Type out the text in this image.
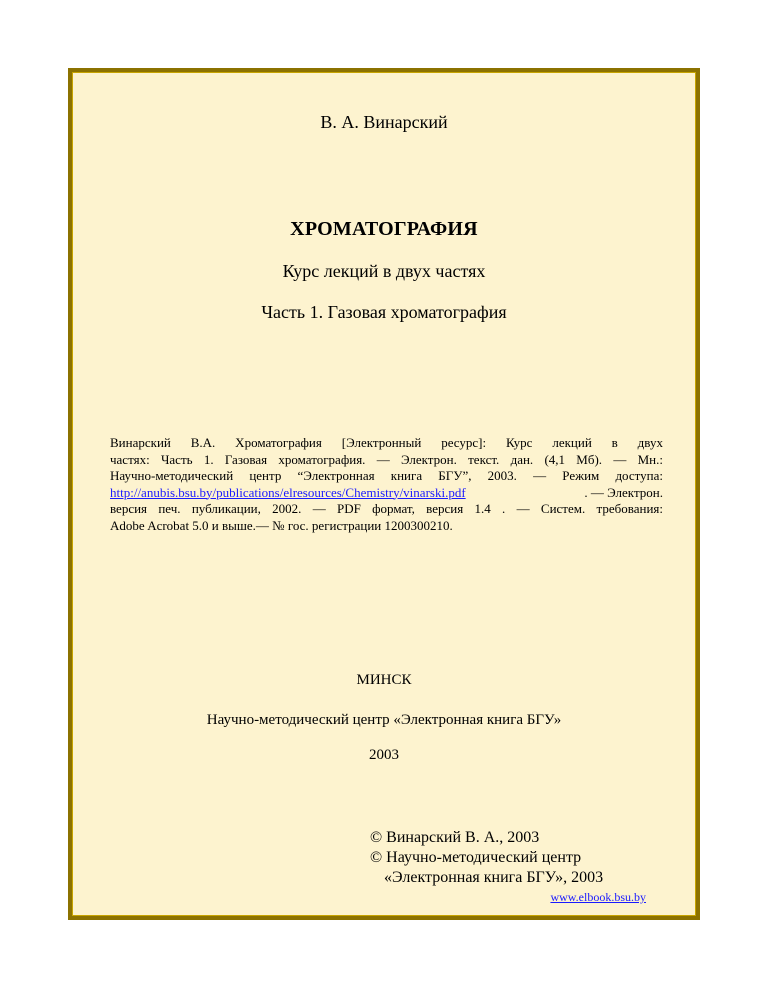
В. А. Винарский
ХРОМАТОГРАФИЯ
Курс лекций в двух частях
Часть 1. Газовая хроматография
Винарский В.А. Хроматография [Электронный ресурс]: Курс лекций в двух
частях: Часть 1. Газовая хроматография. — Электрон. текст. дан. (4,1 Мб). — Мн.:
Научно-методический центр “Электронная книга БГУ”, 2003. — Режим доступа:
http://anubis.bsu.by/publications/elresources/Chemistry/vinarski.pdf	. — Электрон.
версия печ. публикации, 2002. — PDF формат, версия 1.4 . — Систем. требования:
Adobe Acrobat 5.0 и выше.— № гос. регистрации 1200300210.
МИНСК
Научно-методический центр «Электронная книга БГУ»
2003
© Винарский В. А., 2003
© Научно-методический центр
«Электронная книга БГУ», 2003
www.elbook.bsu.by
